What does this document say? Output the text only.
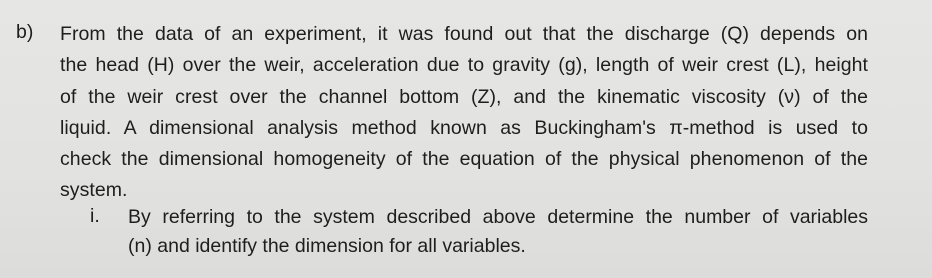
b) From the data of an experiment, it was found out that the discharge (Q) depends on
the head (H) over the weir, acceleration due to gravity (g), length of weir crest (L), height
of the weir crest over the channel bottom (Z), and the kinematic viscosity (ν) of the
liquid. A dimensional analysis method known as Buckingham's π-method is used to
check the dimensional homogeneity of the equation of the physical phenomenon of the
system.
i. By referring to the system described above determine the number of variables
(n) and identify the dimension for all variables.
